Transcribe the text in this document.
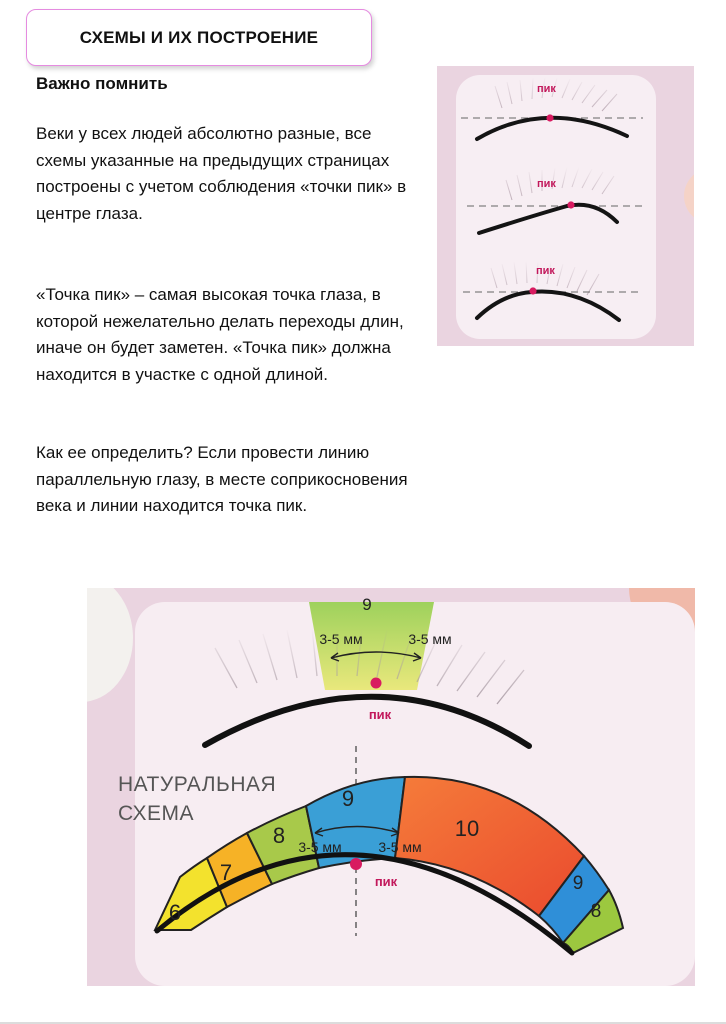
СХЕМЫ И ИХ ПОСТРОЕНИЕ
Важно помнить

Веки у всех людей абсолютно разные, все схемы указанные на предыдущих страницах построены с учетом соблюдения «точки пик» в центре глаза.

«Точка пик» – самая высокая точка глаза, в которой нежелательно делать переходы длин, иначе он будет заметен. «Точка пик» должна находится в участке с одной длиной.

Как ее определить? Если провести линию параллельную глазу, в месте соприкосновения века и линии находится точка пик.

пик
пик
пик
9
3-5 мм	3-5 мм
пик
НАТУРАЛЬНАЯ
СХЕМА
6
7
8
9
10
9
8
3-5 мм	3-5 мм
пик
